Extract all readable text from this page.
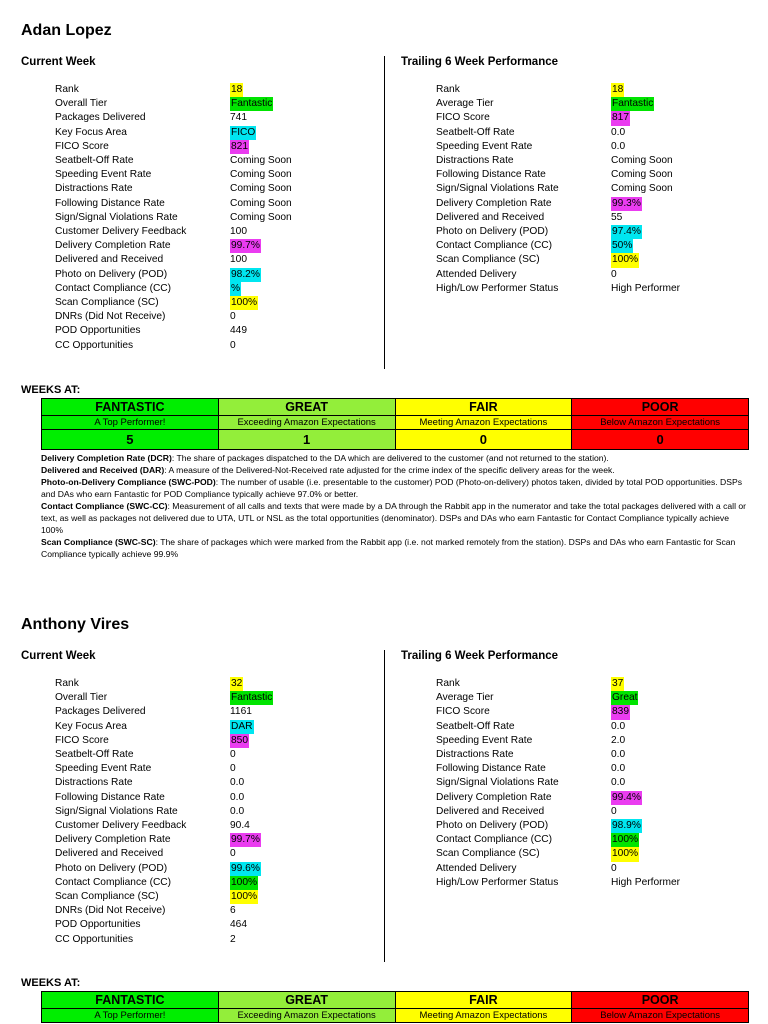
Adan Lopez
Current Week	Trailing 6 Week Performance
Rank	18
Overall Tier	Fantastic
Packages Delivered	741
Key Focus Area	FICO
FICO Score	821
Seatbelt-Off Rate	Coming Soon
Speeding Event Rate	Coming Soon
Distractions Rate	Coming Soon
Following Distance Rate	Coming Soon
Sign/Signal Violations Rate	Coming Soon
Customer Delivery Feedback	100
Delivery Completion Rate	99.7%
Delivered and Received	100
Photo on Delivery (POD)	98.2%
Contact Compliance (CC)	%
Scan Compliance (SC)	100%
DNRs (Did Not Receive)	0
POD Opportunities	449
CC Opportunities	0
Rank	18
Average Tier	Fantastic
FICO Score	817
Seatbelt-Off Rate	0.0
Speeding Event Rate	0.0
Distractions Rate	Coming Soon
Following Distance Rate	Coming Soon
Sign/Signal Violations Rate	Coming Soon
Delivery Completion Rate	99.3%
Delivered and Received	55
Photo on Delivery (POD)	97.4%
Contact Compliance (CC)	50%
Scan Compliance (SC)	100%
Attended Delivery	0
High/Low Performer Status	High Performer
WEEKS AT:
FANTASTIC	GREAT	FAIR	POOR
A Top Performer!	Exceeding Amazon Expectations	Meeting Amazon Expectations	Below Amazon Expectations
5	1	0	0

Delivery Completion Rate (DCR): The share of packages dispatched to the DA which are delivered to the customer (and not returned to the station).

Delivered and Received (DAR): A measure of the Delivered-Not-Received rate adjusted for the crime index of the specific delivery areas for the week.

Photo-on-Delivery Compliance (SWC-POD): The number of usable (i.e. presentable to the customer) POD (Photo-on-delivery) photos taken, divided by total POD opportunities. DSPs and DAs who earn Fantastic for POD Compliance typically achieve 97.0% or better.

Contact Compliance (SWC-CC): Measurement of all calls and texts that were made by a DA through the Rabbit app in the numerator and take the total packages delivered with a call or text, as well as packages not delivered due to UTA, UTL or NSL as the total opportunities (denominator). DSPs and DAs who earn Fantastic for Contact Compliance typically achieve 100%

Scan Compliance (SWC-SC): The share of packages which were marked from the Rabbit app (i.e. not marked remotely from the station). DSPs and DAs who earn Fantastic for Scan Compliance typically achieve 99.9%

Anthony Vires
Current Week	Trailing 6 Week Performance
Rank	32
Overall Tier	Fantastic
Packages Delivered	1161
Key Focus Area	DAR
FICO Score	850
Seatbelt-Off Rate	0
Speeding Event Rate	0
Distractions Rate	0.0
Following Distance Rate	0.0
Sign/Signal Violations Rate	0.0
Customer Delivery Feedback	90.4
Delivery Completion Rate	99.7%
Delivered and Received	0
Photo on Delivery (POD)	99.6%
Contact Compliance (CC)	100%
Scan Compliance (SC)	100%
DNRs (Did Not Receive)	6
POD Opportunities	464
CC Opportunities	2
Rank	37
Average Tier	Great
FICO Score	839
Seatbelt-Off Rate	0.0
Speeding Event Rate	2.0
Distractions Rate	0.0
Following Distance Rate	0.0
Sign/Signal Violations Rate	0.0
Delivery Completion Rate	99.4%
Delivered and Received	0
Photo on Delivery (POD)	98.9%
Contact Compliance (CC)	100%
Scan Compliance (SC)	100%
Attended Delivery	0
High/Low Performer Status	High Performer
WEEKS AT:
FANTASTIC	GREAT	FAIR	POOR
A Top Performer!	Exceeding Amazon Expectations	Meeting Amazon Expectations	Below Amazon Expectations
